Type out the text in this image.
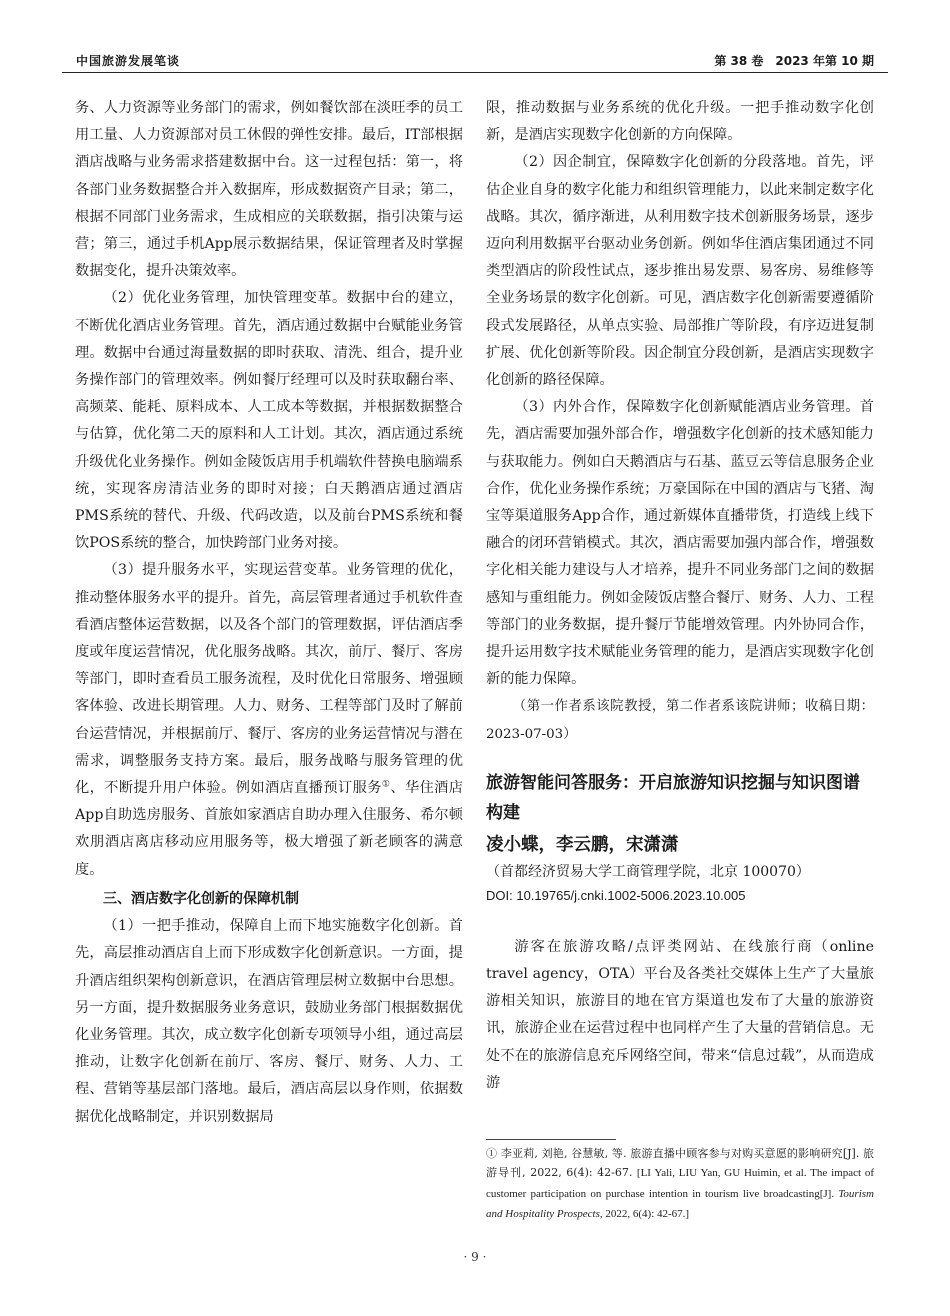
中国旅游发展笔谈	第 38 卷　2023 年第 10 期

务、人力资源等业务部门的需求，例如餐饮部在淡旺季的员工用工量、人力资源部对员工休假的弹性安排。最后，IT部根据酒店战略与业务需求搭建数据中台。这一过程包括：第一，将各部门业务数据整合并入数据库，形成数据资产目录；第二，根据不同部门业务需求，生成相应的关联数据，指引决策与运营；第三，通过手机App展示数据结果，保证管理者及时掌握数据变化，提升决策效率。

（2）优化业务管理，加快管理变革。数据中台的建立，不断优化酒店业务管理。首先，酒店通过数据中台赋能业务管理。数据中台通过海量数据的即时获取、清洗、组合，提升业务操作部门的管理效率。例如餐厅经理可以及时获取翻台率、高频菜、能耗、原料成本、人工成本等数据，并根据数据整合与估算，优化第二天的原料和人工计划。其次，酒店通过系统升级优化业务操作。例如金陵饭店用手机端软件替换电脑端系统，实现客房清洁业务的即时对接；白天鹅酒店通过酒店PMS系统的替代、升级、代码改造，以及前台PMS系统和餐饮POS系统的整合，加快跨部门业务对接。

（3）提升服务水平，实现运营变革。业务管理的优化，推动整体服务水平的提升。首先，高层管理者通过手机软件查看酒店整体运营数据，以及各个部门的管理数据，评估酒店季度或年度运营情况，优化服务战略。其次，前厅、餐厅、客房等部门，即时查看员工服务流程，及时优化日常服务、增强顾客体验、改进长期管理。人力、财务、工程等部门及时了解前台运营情况，并根据前厅、餐厅、客房的业务运营情况与潜在需求，调整服务支持方案。最后，服务战略与服务管理的优化，不断提升用户体验。例如酒店直播预订服务①、华住酒店App自助选房服务、首旅如家酒店自助办理入住服务、希尔顿欢朋酒店离店移动应用服务等，极大增强了新老顾客的满意度。

三、酒店数字化创新的保障机制

（1）一把手推动，保障自上而下地实施数字化创新。首先，高层推动酒店自上而下形成数字化创新意识。一方面，提升酒店组织架构创新意识，在酒店管理层树立数据中台思想。另一方面，提升数据服务业务意识，鼓励业务部门根据数据优化业务管理。其次，成立数字化创新专项领导小组，通过高层推动，让数字化创新在前厅、客房、餐厅、财务、人力、工程、营销等基层部门落地。最后，酒店高层以身作则，依据数据优化战略制定，并识别数据局

限，推动数据与业务系统的优化升级。一把手推动数字化创新，是酒店实现数字化创新的方向保障。

（2）因企制宜，保障数字化创新的分段落地。首先，评估企业自身的数字化能力和组织管理能力，以此来制定数字化战略。其次，循序渐进，从利用数字技术创新服务场景，逐步迈向利用数据平台驱动业务创新。例如华住酒店集团通过不同类型酒店的阶段性试点，逐步推出易发票、易客房、易维修等全业务场景的数字化创新。可见，酒店数字化创新需要遵循阶段式发展路径，从单点实验、局部推广等阶段，有序迈进复制扩展、优化创新等阶段。因企制宜分段创新，是酒店实现数字化创新的路径保障。

（3）内外合作，保障数字化创新赋能酒店业务管理。首先，酒店需要加强外部合作，增强数字化创新的技术感知能力与获取能力。例如白天鹅酒店与石基、蓝豆云等信息服务企业合作，优化业务操作系统；万豪国际在中国的酒店与飞猪、淘宝等渠道服务App合作，通过新媒体直播带货，打造线上线下融合的闭环营销模式。其次，酒店需要加强内部合作，增强数字化相关能力建设与人才培养，提升不同业务部门之间的数据感知与重组能力。例如金陵饭店整合餐厅、财务、人力、工程等部门的业务数据，提升餐厅节能增效管理。内外协同合作，提升运用数字技术赋能业务管理的能力，是酒店实现数字化创新的能力保障。

（第一作者系该院教授，第二作者系该院讲师；收稿日期：2023-07-03）

旅游智能问答服务：开启旅游知识挖掘与知识图谱构建
凌小蝶，李云鹏，宋潇潇

（首都经济贸易大学工商管理学院，北京 100070）

DOI: 10.19765/j.cnki.1002-5006.2023.10.005

游客在旅游攻略/点评类网站、在线旅行商（online travel agency，OTA）平台及各类社交媒体上生产了大量旅游相关知识，旅游目的地在官方渠道也发布了大量的旅游资讯，旅游企业在运营过程中也同样产生了大量的营销信息。无处不在的旅游信息充斥网络空间，带来“信息过载”，从而造成游

① 李亚莉, 刘艳, 谷慧敏, 等. 旅游直播中顾客参与对购买意愿的影响研究[J]. 旅游导刊, 2022, 6(4): 42-67. [LI Yali, LIU Yan, GU Huimin, et al. The impact of customer participation on purchase intention in tourism live broadcasting[J]. Tourism and Hospitality Prospects, 2022, 6(4): 42-67.]
· 9 ·
